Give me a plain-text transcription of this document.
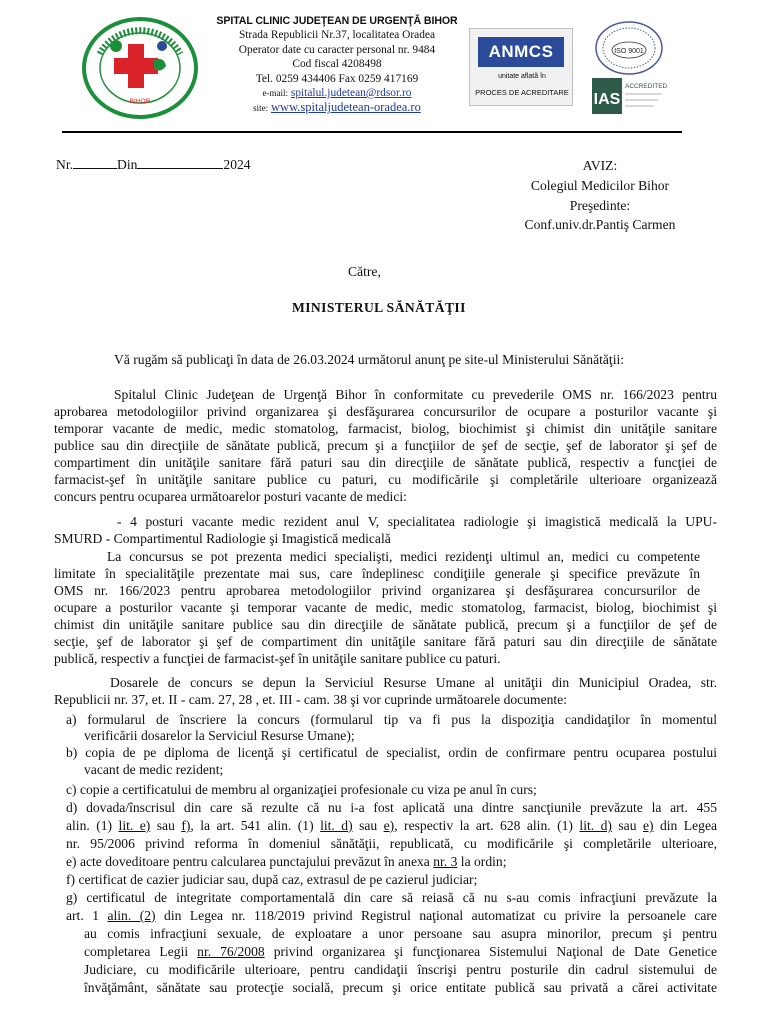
BIHOR
SPITAL CLINIC JUDEŢEAN DE URGENŢĂ BIHOR
Strada Republicii Nr.37, localitatea Oradea
Operator date cu caracter personal nr. 9484
Cod fiscal 4208498
Tel. 0259 434406 Fax 0259 417169
e-mail: spitalul.judetean@rdsor.ro
site: www.spitaljudetean-oradea.ro
ANMCS
unitate aflată în
PROCES DE ACREDITARE
ISO 9001
IAS
ACCREDITED
Nr.	Din	2024	AVIZ:
Colegiul Medicilor Bihor
Preşedinte:
Conf.univ.dr.Pantiş Carmen
Către,
MINISTERUL SĂNĂTĂŢII
Vă rugăm să publicaţi în data de 26.03.2024 următorul anunţ pe site-ul Ministerului Sănătăţii:
Spitalul Clinic Judeţean de Urgenţă Bihor în conformitate cu prevederile OMS nr. 166/2023 pentru
aprobarea metodologiilor privind organizarea şi desfăşurarea concursurilor de ocupare a posturilor vacante şi
temporar vacante de medic, medic stomatolog, farmacist, biolog, biochimist şi chimist din unităţile sanitare
publice sau din direcţiile de sănătate publică, precum şi a funcţiilor de şef de secţie, şef de laborator şi şef de
compartiment din unităţile sanitare fără paturi sau din direcţiile de sănătate publică, respectiv a funcţiei de
farmacist-şef în unităţile sanitare publice cu paturi, cu modificările şi completările ulterioare organizează
concurs pentru ocuparea următoarelor posturi vacante de medici:
- 4 posturi vacante medic rezident anul V, specialitatea radiologie şi imagistică medicală la UPU-
SMURD - Compartimentul Radiologie şi Imagistică medicală
La concursus se pot prezenta medici specialişti, medici rezidenţi ultimul an, medici cu competente
limitate în specialităţile prezentate mai sus, care îndeplinesc condiţiile generale şi specifice prevăzute în
OMS nr. 166/2023 pentru aprobarea metodologiilor privind organizarea şi desfăşurarea concursurilor de
ocupare a posturilor vacante şi temporar vacante de medic, medic stomatolog, farmacist, biolog, biochimist şi
chimist din unităţile sanitare publice sau din direcţiile de sănătate publică, precum şi a funcţiilor de şef de
secţie, şef de laborator şi şef de compartiment din unităţile sanitare fără paturi sau din direcţiile de sănătate
publică, respectiv a funcţiei de farmacist-şef în unităţile sanitare publice cu paturi.
Dosarele de concurs se depun la Serviciul Resurse Umane al unităţii din Municipiul Oradea, str.
Republicii nr. 37, et. II - cam. 27, 28 , et. III - cam. 38 şi vor cuprinde următoarele documente:
a) formularul de înscriere la concurs (formularul tip va fi pus la dispoziţia candidaţilor în momentul
verificării dosarelor la Serviciul Resurse Umane);
b) copia de pe diploma de licenţă şi certificatul de specialist, ordin de confirmare pentru ocuparea postului
vacant de medic rezident;
c) copie a certificatului de membru al organizaţiei profesionale cu viza pe anul în curs;
d) dovada/înscrisul din care să rezulte că nu i-a fost aplicată una dintre sancţiunile prevăzute la art. 455
alin. (1) lit. e) sau f), la art. 541 alin. (1) lit. d) sau e), respectiv la art. 628 alin. (1) lit. d) sau e) din Legea
nr. 95/2006 privind reforma în domeniul sănătăţii, republicată, cu modificările şi completările ulterioare,
e) acte doveditoare pentru calcularea punctajului prevăzut în anexa nr. 3 la ordin;
f) certificat de cazier judiciar sau, după caz, extrasul de pe cazierul judiciar;
g) certificatul de integritate comportamentală din care să reiasă că nu s-au comis infracţiuni prevăzute la
art. 1 alin. (2) din Legea nr. 118/2019 privind Registrul naţional automatizat cu privire la persoanele care
au comis infracţiuni sexuale, de exploatare a unor persoane sau asupra minorilor, precum şi pentru
completarea Legii nr. 76/2008 privind organizarea şi funcţionarea Sistemului Naţional de Date Genetice
Judiciare, cu modificările ulterioare, pentru candidaţii înscrişi pentru posturile din cadrul sistemului de
învăţământ, sănătate sau protecţie socială, precum şi orice entitate publică sau privată a cărei activitate
